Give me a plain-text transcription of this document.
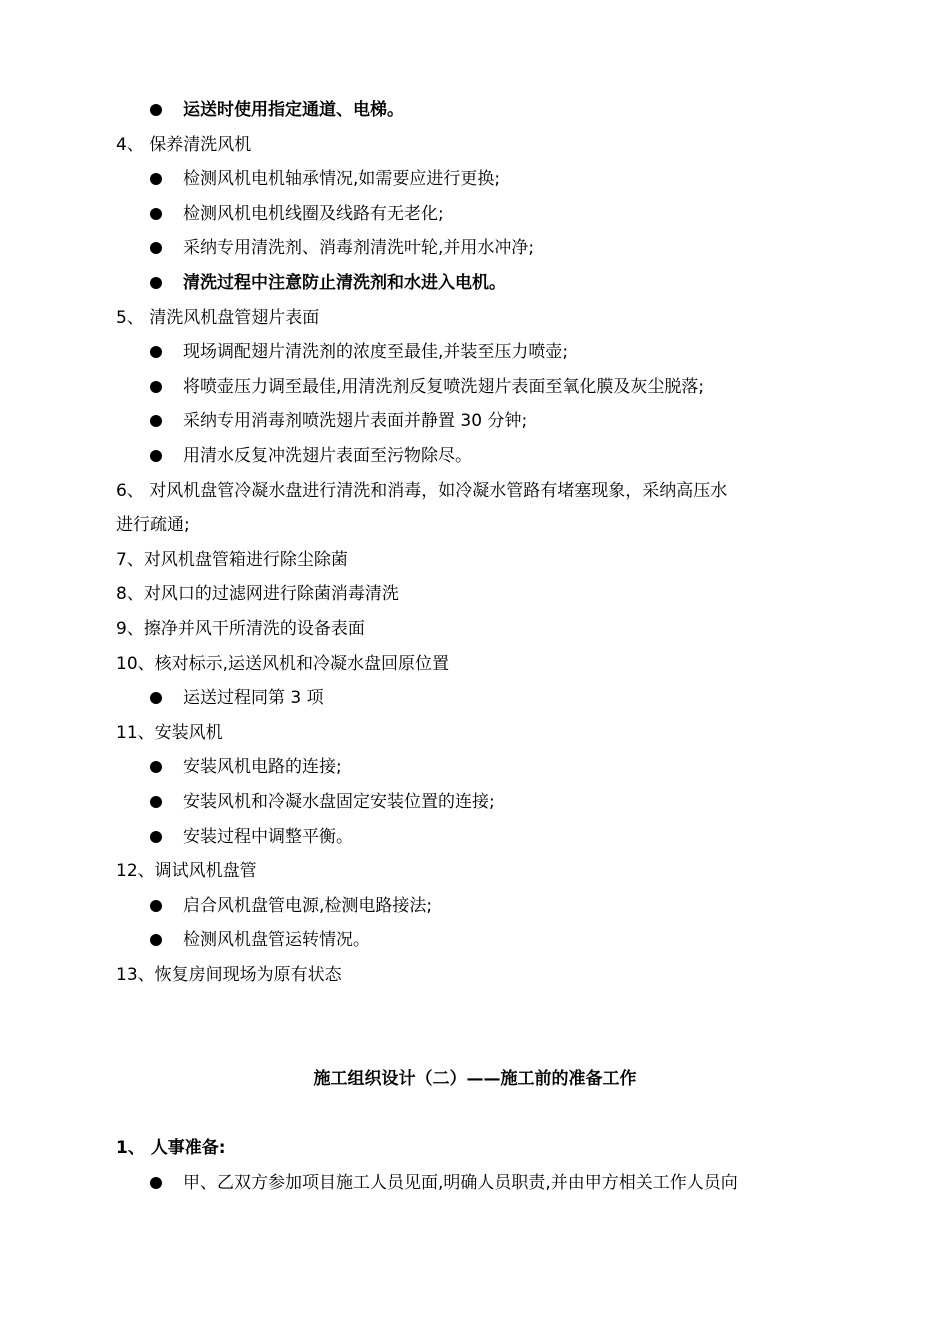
运送时使用指定通道、电梯。
4、 保养清洗风机
检测风机电机轴承情况,如需要应进行更换;
检测风机电机线圈及线路有无老化;
采纳专用清洗剂、消毒剂清洗叶轮,并用水冲净;
清洗过程中注意防止清洗剂和水进入电机。
5、 清洗风机盘管翅片表面
现场调配翅片清洗剂的浓度至最佳,并装至压力喷壶;
将喷壶压力调至最佳,用清洗剂反复喷洗翅片表面至氧化膜及灰尘脱落;
采纳专用消毒剂喷洗翅片表面并静置 30 分钟;
用清水反复冲洗翅片表面至污物除尽。
6、 对风机盘管冷凝水盘进行清洗和消毒，如冷凝水管路有堵塞现象，采纳高压水
进行疏通;
7、对风机盘管箱进行除尘除菌
8、对风口的过滤网进行除菌消毒清洗
9、擦净并风干所清洗的设备表面
10、核对标示,运送风机和冷凝水盘回原位置
运送过程同第 3 项
11、安装风机
安装风机电路的连接;
安装风机和冷凝水盘固定安装位置的连接;
安装过程中调整平衡。
12、调试风机盘管
启合风机盘管电源,检测电路接法;
检测风机盘管运转情况。
13、恢复房间现场为原有状态
施工组织设计（二）——施工前的准备工作
1、 人事准备:
甲、乙双方参加项目施工人员见面,明确人员职责,并由甲方相关工作人员向
